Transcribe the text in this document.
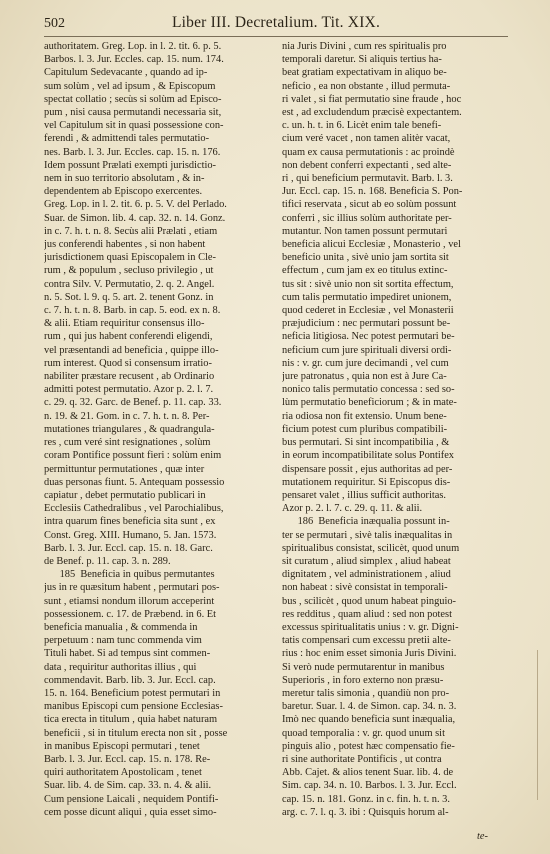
502	Liber III. Decretalium. Tit. XIX.
authoritatem. Greg. Lop. in l. 2. tit. 6. p. 5.
Barbos. l. 3. Jur. Eccles. cap. 15. num. 174.
Capitulum Sedevacante , quando ad ip-
sum solùm , vel ad ipsum , & Episcopum
spectat collatio ; secùs si solùm ad Episco-
pum , nisi causa permutandi necessaria sit,
vel Capitulum sit in quasi possessione con-
ferendi , & admittendi tales permutatio-
nes. Barb. l. 3. Jur. Eccles. cap. 15. n. 176.
Idem possunt Prælati exempti jurisdictio-
nem in suo territorio absolutam , & in-
dependentem ab Episcopo exercentes.
Greg. Lop. in l. 2. tit. 6. p. 5. V. del Perlado.
Suar. de Simon. lib. 4. cap. 32. n. 14. Gonz.
in c. 7. h. t. n. 8. Secùs alii Prælati , etiam
jus conferendi habentes , si non habent
jurisdictionem quasi Episcopalem in Cle-
rum , & populum , secluso privilegio , ut
contra Silv. V. Permutatio, 2. q. 2. Angel.
n. 5. Sot. l. 9. q. 5. art. 2. tenent Gonz. in
c. 7. h. t. n. 8. Barb. in cap. 5. eod. ex n. 8.
& alii. Etiam requiritur consensus illo-
rum , qui jus habent conferendi eligendi,
vel præsentandi ad beneficia , quippe illo-
rum interest. Quod si consensum irratio-
nabiliter præstare recusent , ab Ordinario
admitti potest permutatio. Azor p. 2. l. 7.
c. 29. q. 32. Garc. de Benef. p. 11. cap. 33.
n. 19. & 21. Gom. in c. 7. h. t. n. 8. Per-
mutationes triangulares , & quadrangula-
res , cum veré sint resignationes , solùm
coram Pontifice possunt fieri : solùm enim
permittuntur permutationes , quæ inter
duas personas fiunt. 5. Antequam possessio
capiatur , debet permutatio publicari in
Ecclesiis Cathedralibus , vel Parochialibus,
intra quarum fines beneficia sita sunt , ex
Const. Greg. XIII. Humano, 5. Jan. 1573.
Barb. l. 3. Jur. Eccl. cap. 15. n. 18. Garc.
de Benef. p. 11. cap. 3. n. 289.
185  Beneficia in quibus permutantes
jus in re quæsitum habent , permutari pos-
sunt , etiamsi nondum illorum acceperint
possessionem. c. 17. de Præbend. in 6. Et
beneficia manualia , & commenda in
perpetuum : nam tunc commenda vim
Tituli habet. Si ad tempus sint commen-
data , requiritur authoritas illius , qui
commendavit. Barb. lib. 3. Jur. Eccl. cap.
15. n. 164. Beneficium potest permutari in
manibus Episcopi cum pensione Ecclesias-
tica erecta in titulum , quia habet naturam
beneficii , si in titulum erecta non sit , posse
in manibus Episcopi permutari , tenet
Barb. l. 3. Jur. Eccl. cap. 15. n. 178. Re-
quiri authoritatem Apostolicam , tenet
Suar. lib. 4. de Sim. cap. 33. n. 4. & alii.
Cum pensione Laicali , nequidem Pontifi-
cem posse dicunt aliqui , quia esset simo-
nia Juris Divini , cum res spiritualis pro
temporali daretur. Si aliquis tertius ha-
beat gratiam expectativam in aliquo be-
neficio , ea non obstante , illud permuta-
ri valet , si fiat permutatio sine fraude , hoc
est , ad excludendum præcisè expectantem.
c. un. h. t. in 6. Licèt enim tale benefi-
cium veré vacet , non tamen alitèr vacat,
quam ex causa permutationis : ac proindè
non debent conferri expectanti , sed alte-
ri , qui beneficium permutavit. Barb. l. 3.
Jur. Eccl. cap. 15. n. 168. Beneficia S. Pon-
tifici reservata , sicut ab eo solùm possunt
conferri , sic illius solùm authoritate per-
mutantur. Non tamen possunt permutari
beneficia alicui Ecclesiæ , Monasterio , vel
beneficio unita , sivè unio jam sortita sit
effectum , cum jam ex eo titulus extinc-
tus sit : sivè unio non sit sortita effectum,
cum talis permutatio impediret unionem,
quod cederet in Ecclesiæ , vel Monasterii
præjudicium : nec permutari possunt be-
neficia litigiosa. Nec potest permutari be-
neficium cum jure spirituali diversi ordi-
nis : v. gr. cum jure decimandi , vel cum
jure patronatus , quia non est à Jure Ca-
nonico talis permutatio concessa : sed so-
lùm permutatio beneficiorum ; & in mate-
ria odiosa non fit extensio. Unum bene-
ficium potest cum pluribus compatibili-
bus permutari. Si sint incompatibilia , &
in eorum incompatibilitate solus Pontifex
dispensare possit , ejus authoritas ad per-
mutationem requiritur. Si Episcopus dis-
pensaret valet , illius sufficit authoritas.
Azor p. 2. l. 7. c. 29. q. 11. & alii.
186  Beneficia inæqualia possunt in-
ter se permutari , sivè talis inæqualitas in
spiritualibus consistat, scilicèt, quod unum
sit curatum , aliud simplex , aliud habeat
dignitatem , vel administrationem , aliud
non habeat : sivè consistat in temporali-
bus , scilicèt , quod unum habeat pinguio-
res redditus , quam aliud : sed non potest
excessus spiritualitatis unius : v. gr. Digni-
tatis compensari cum excessu pretii alte-
rius : hoc enim esset simonia Juris Divini.
Si verò nude permutarentur in manibus
Superioris , in foro externo non præsu-
meretur talis simonia , quandiù non pro-
baretur. Suar. l. 4. de Simon. cap. 34. n. 3.
Imò nec quando beneficia sunt inæqualia,
quoad temporalia : v. gr. quod unum sit
pinguis alio , potest hæc compensatio fie-
ri sine authoritate Pontificis , ut contra
Abb. Cajet. & alios tenent Suar. lib. 4. de
Sim. cap. 34. n. 10. Barbos. l. 3. Jur. Eccl.
cap. 15. n. 181. Gonz. in c. fin. h. t. n. 3.
arg. c. 7. l. q. 3. ibi : Quisquis horum al-
te-
